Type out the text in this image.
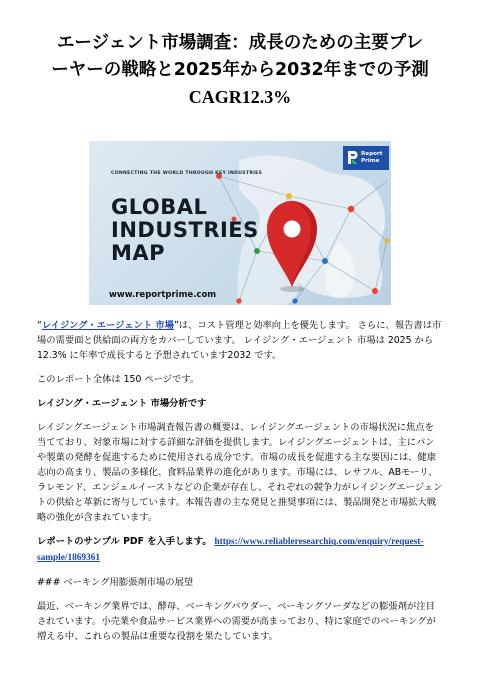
エージェント市場調査：成長のための主要プレ
ーヤーの戦略と2025年から2032年までの予測
CAGR12.3%
CONNECTING THE WORLD THROUGH KEY INDUSTRIES
GLOBAL
INDUSTRIES
MAP
www.reportprime.com
Report
Prime

“レイジング・エージェント 市場”は、コスト管理と効率向上を優先します。 さらに、報告書は市場の需要面と供給面の両方をカバーしています。 レイジング・エージェント 市場は 2025 から 12.3% に年率で成長すると予想されています2032 です。

このレポート全体は 150 ページです。

レイジング・エージェント 市場分析です

レイジングエージェント市場調査報告書の概要は、レイジングエージェントの市場状況に焦点を当てており、対象市場に対する詳細な評価を提供します。レイジングエージェントは、主にパンや製菓の発酵を促進するために使用される成分です。市場の成長を促進する主な要因には、健康志向の高まり、製品の多様化、食料品業界の進化があります。市場には、レサフル、ABモーリ、ラレモンド、エンジェルイーストなどの企業が存在し、それぞれの競争力がレイジングエージェントの供給と革新に寄与しています。本報告書の主な発見と推奨事項には、製品開発と市場拡大戦略の強化が含まれています。

レポートのサンプル PDF を入手します。 https://www.reliableresearchiq.com/enquiry/request-sample/1869361

### ベーキング用膨張剤市場の展望

最近、ベーキング業界では、酵母、ベーキングパウダー、ベーキングソーダなどの膨張剤が注目されています。小売業や食品サービス業界への需要が高まっており、特に家庭でのベーキングが増える中、これらの製品は重要な役割を果たしています。
